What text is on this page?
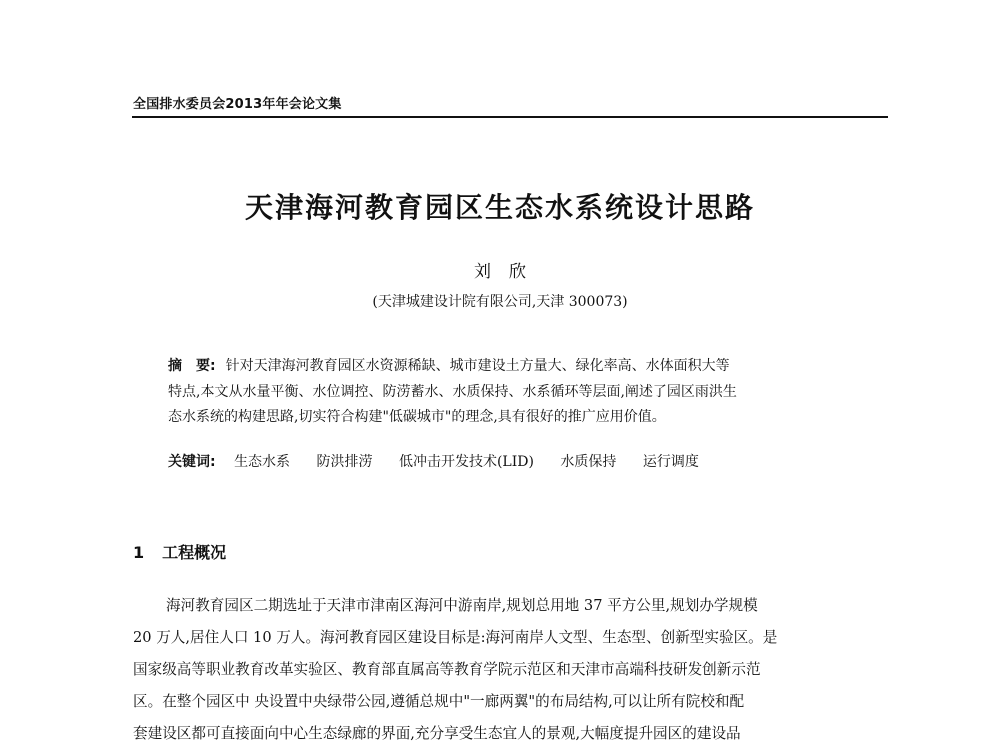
全国排水委员会2013年年会论文集
天津海河教育园区生态水系统设计思路
刘欣
(天津城建设计院有限公司,天津 300073)
摘　要: 针对天津海河教育园区水资源稀缺、城市建设土方量大、绿化率高、水体面积大等
特点,本文从水量平衡、水位调控、防涝蓄水、水质保持、水系循环等层面,阐述了园区雨洪生
态水系统的构建思路,切实符合构建"低碳城市"的理念,具有很好的推广应用价值。
关键词: 生态水系 防洪排涝 低冲击开发技术(LID) 水质保持 运行调度
1 工程概况
海河教育园区二期选址于天津市津南区海河中游南岸,规划总用地 37 平方公里,规划办学规模
20 万人,居住人口 10 万人。海河教育园区建设目标是:海河南岸人文型、生态型、创新型实验区。是
国家级高等职业教育改革实验区、教育部直属高等教育学院示范区和天津市高端科技研发创新示范
区。在整个园区中 央设置中央绿带公园,遵循总规中"一廊两翼"的布局结构,可以让所有院校和配
套建设区都可直接面向中心生态绿廊的界面,充分享受生态宜人的景观,大幅度提升园区的建设品
